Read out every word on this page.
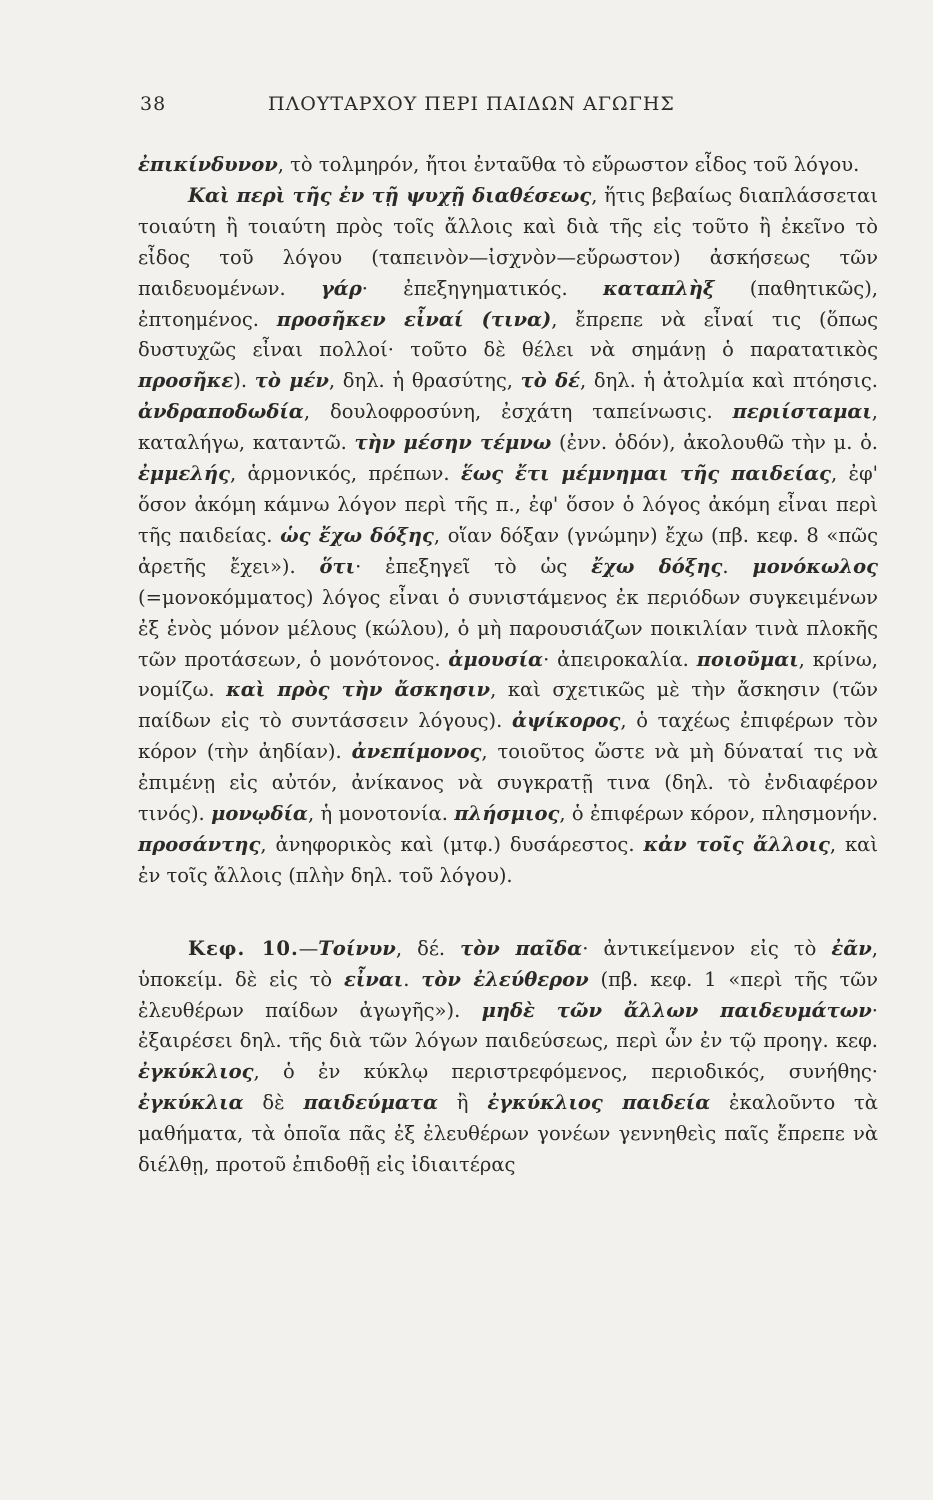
38	ΠΛΟΥΤΑΡΧΟΥ ΠΕΡΙ ΠΑΙΔΩΝ ΑΓΩΓΗΣ

ἐπικίνδυνον, τὸ τολμηρόν, ἤτοι ἐνταῦθα τὸ εὔρωστον εἶδος τοῦ λόγου.

Καὶ περὶ τῆς ἐν τῇ ψυχῇ διαθέσεως, ἥτις βεβαίως διαπλάσσεται τοιαύτη ἢ τοιαύτη πρὸς τοῖς ἄλλοις καὶ διὰ τῆς εἰς τοῦτο ἢ ἐκεῖνο τὸ εἶδος τοῦ λόγου (ταπεινὸν—ἰσχνὸν—εὔρωστον) ἀσκήσεως τῶν παιδευομένων. γάρ· ἐπεξηγηματικός. καταπλὴξ (παθητικῶς), ἐπτοημένος. προσῆκεν εἶναί (τινα), ἔπρεπε νὰ εἶναί τις (ὅπως δυστυχῶς εἶναι πολλοί· τοῦτο δὲ θέλει νὰ σημάνῃ ὁ παρατατικὸς προσῆκε). τὸ μέν, δηλ. ἡ θρασύτης, τὸ δέ, δηλ. ἡ ἀτολμία καὶ πτόησις. ἀνδραποδωδία, δουλοφροσύνη, ἐσχάτη ταπείνωσις. περιίσταμαι, καταλήγω, καταντῶ. τὴν μέσην τέμνω (ἐνν. ὁδόν), ἀκολουθῶ τὴν μ. ὁ. ἐμμελής, ἁρμονικός, πρέπων. ἕως ἔτι μέμνημαι τῆς παιδείας, ἐφ' ὅσον ἀκόμη κάμνω λόγον περὶ τῆς π., ἐφ' ὅσον ὁ λόγος ἀκόμη εἶναι περὶ τῆς παιδείας. ὡς ἔχω δόξης, οἵαν δόξαν (γνώμην) ἔχω (πβ. κεφ. 8 «πῶς ἀρετῆς ἔχει»). ὅτι· ἐπεξηγεῖ τὸ ὡς ἔχω δόξης. μονόκωλος (=μονοκόμματος) λόγος εἶναι ὁ συνιστάμενος ἐκ περιόδων συγκειμένων ἐξ ἑνὸς μόνον μέλους (κώλου), ὁ μὴ παρουσιάζων ποικιλίαν τινὰ πλοκῆς τῶν προτάσεων, ὁ μονότονος. ἀμουσία· ἀπειροκαλία. ποιοῦμαι, κρίνω, νομίζω. καὶ πρὸς τὴν ἄσκησιν, καὶ σχετικῶς μὲ τὴν ἄσκησιν (τῶν παίδων εἰς τὸ συντάσσειν λόγους). ἀψίκορος, ὁ ταχέως ἐπιφέρων τὸν κόρον (τὴν ἀηδίαν). ἀνεπίμονος, τοιοῦτος ὥστε νὰ μὴ δύναταί τις νὰ ἐπιμένῃ εἰς αὐτόν, ἀνίκανος νὰ συγκρατῇ τινα (δηλ. τὸ ἐνδιαφέρον τινός). μονῳδία, ἡ μονοτονία. πλήσμιος, ὁ ἐπιφέρων κόρον, πλησμονήν. προσάντης, ἀνηφορικὸς καὶ (μτφ.) δυσάρεστος. κἀν τοῖς ἄλλοις, καὶ ἐν τοῖς ἄλλοις (πλὴν δηλ. τοῦ λόγου).

Κεφ. 10.—Τοίνυν, δέ. τὸν παῖδα· ἀντικείμενον εἰς τὸ ἐᾶν, ὑποκείμ. δὲ εἰς τὸ εἶναι. τὸν ἐλεύθερον (πβ. κεφ. 1 «περὶ τῆς τῶν ἐλευθέρων παίδων ἀγωγῆς»). μηδὲ τῶν ἄλλων παιδευμάτων· ἐξαιρέσει δηλ. τῆς διὰ τῶν λόγων παιδεύσεως, περὶ ὧν ἐν τῷ προηγ. κεφ. ἐγκύκλιος, ὁ ἐν κύκλῳ περιστρεφόμενος, περιοδικός, συνήθης· ἐγκύκλια δὲ παιδεύματα ἢ ἐγκύκλιος παιδεία ἐκαλοῦντο τὰ μαθήματα, τὰ ὁποῖα πᾶς ἐξ ἐλευθέρων γονέων γεννηθεὶς παῖς ἔπρεπε νὰ διέλθῃ, προτοῦ ἐπιδοθῇ εἰς ἰδιαιτέρας
